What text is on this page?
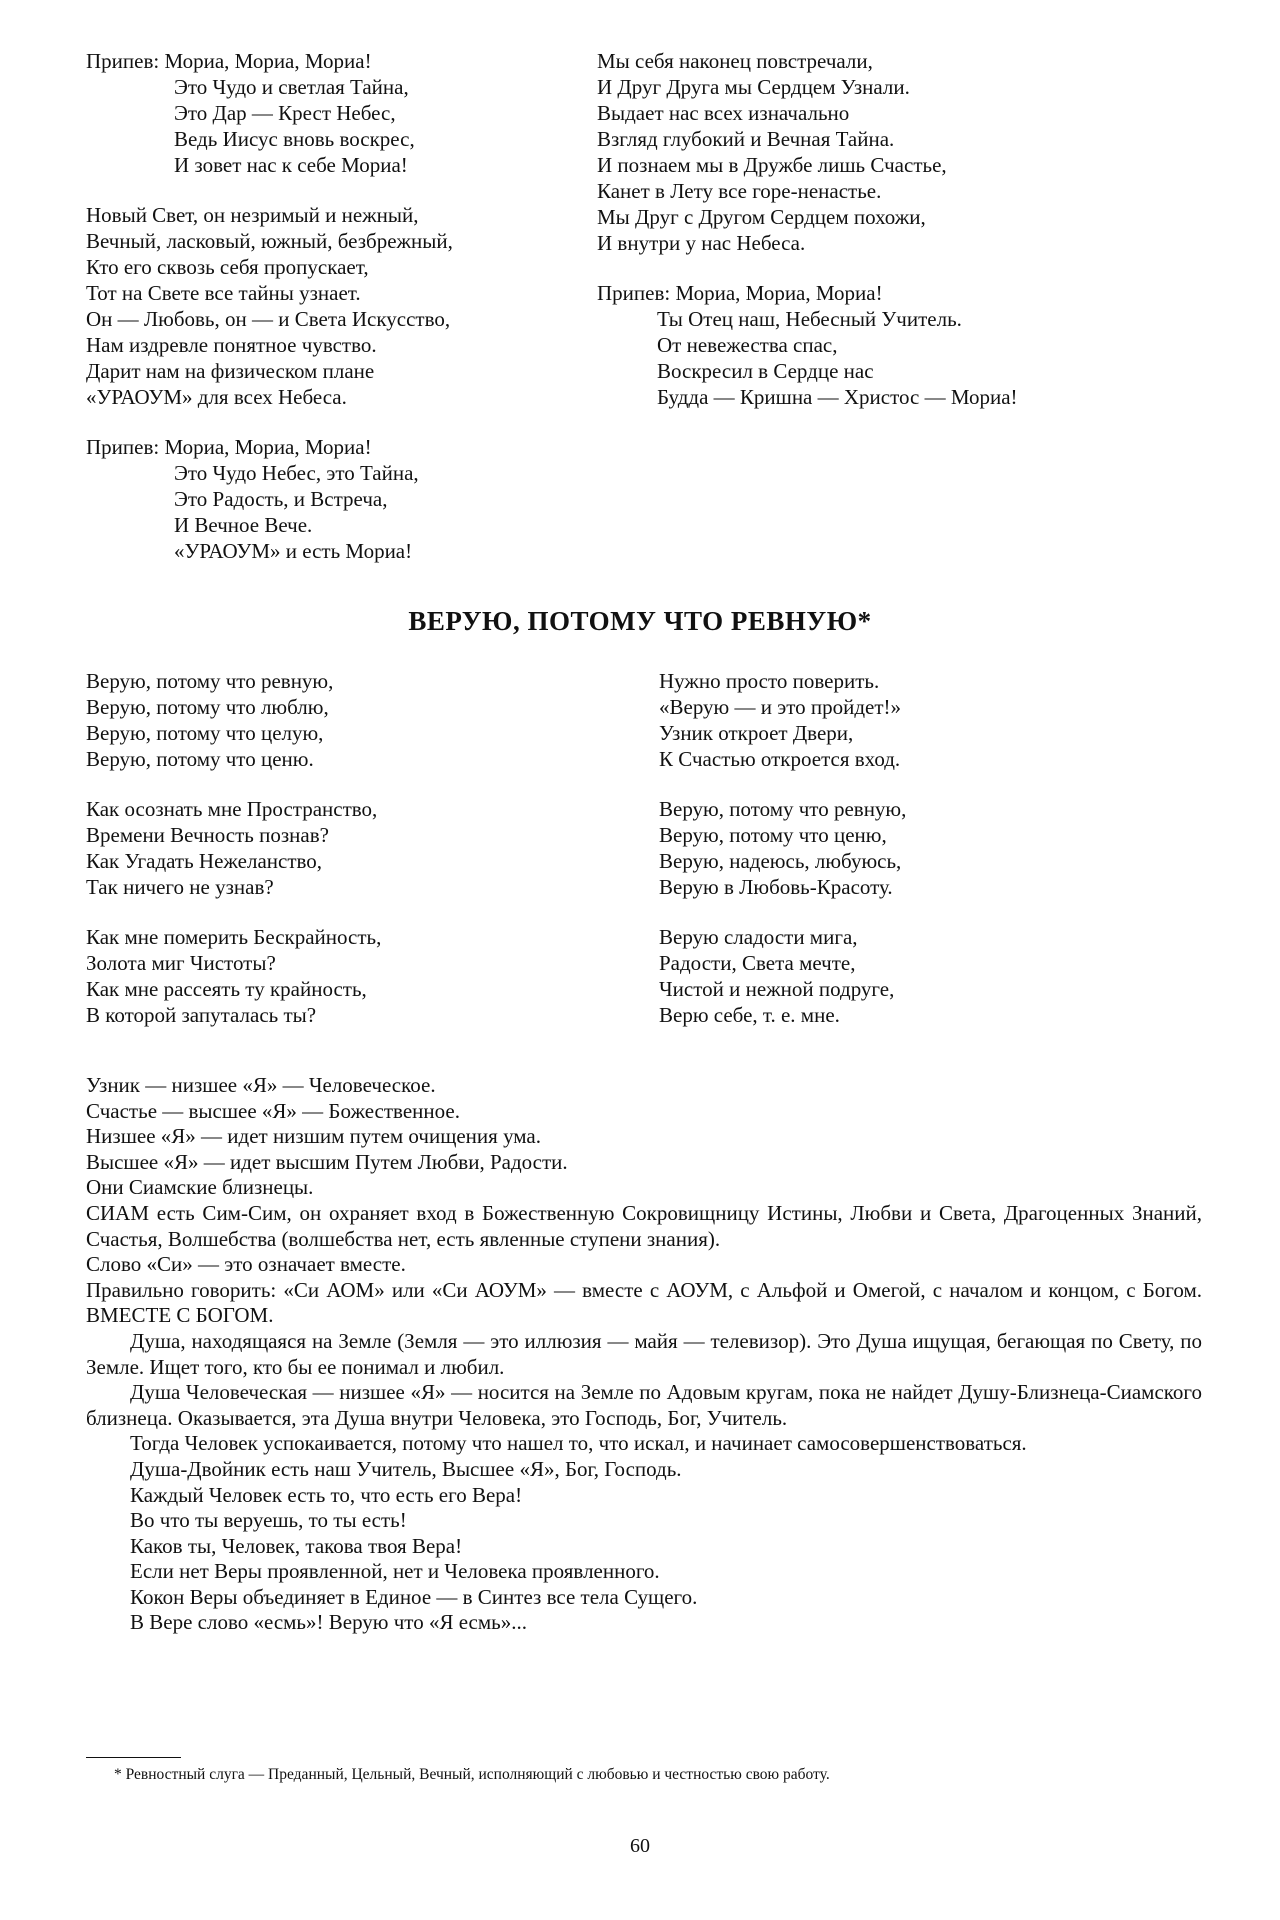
Припев: Мориа, Мориа, Мориа!
Это Чудо и светлая Тайна,
Это Дар — Крест Небес,
Ведь Иисус вновь воскрес,
И зовет нас к себе Мориа!
Новый Свет, он незримый и нежный,
Вечный, ласковый, южный, безбрежный,
Кто его сквозь себя пропускает,
Тот на Свете все тайны узнает.
Он — Любовь, он — и Света Искусство,
Нам издревле понятное чувство.
Дарит нам на физическом плане
«УРАОУМ» для всех Небеса.
Припев: Мориа, Мориа, Мориа!
Это Чудо Небес, это Тайна,
Это Радость, и Встреча,
И Вечное Вече.
«УРАОУМ» и есть Мориа!
Мы себя наконец повстречали,
И Друг Друга мы Сердцем Узнали.
Выдает нас всех изначально
Взгляд глубокий и Вечная Тайна.
И познаем мы в Дружбе лишь Счастье,
Канет в Лету все горе-ненастье.
Мы Друг с Другом Сердцем похожи,
И внутри у нас Небеса.
Припев: Мориа, Мориа, Мориа!
Ты Отец наш, Небесный Учитель.
От невежества спас,
Воскресил в Сердце нас
Будда — Кришна — Христос — Мориа!
ВЕРУЮ, ПОТОМУ ЧТО РЕВНУЮ*
Верую, потому что ревную,
Верую, потому что люблю,
Верую, потому что целую,
Верую, потому что ценю.
Как осознать мне Пространство,
Времени Вечность познав?
Как Угадать Нежеланство,
Так ничего не узнав?
Как мне померить Бескрайность,
Золота миг Чистоты?
Как мне рассеять ту крайность,
В которой запуталась ты?
Нужно просто поверить.
«Верую — и это пройдет!»
Узник откроет Двери,
К Счастью откроется вход.
Верую, потому что ревную,
Верую, потому что ценю,
Верую, надеюсь, любуюсь,
Верую в Любовь-Красоту.
Верую сладости мига,
Радости, Света мечте,
Чистой и нежной подруге,
Верю себе, т. е. мне.
Узник — низшее «Я» — Человеческое.
Счастье — высшее «Я» — Божественное.
Низшее «Я» — идет низшим путем очищения ума.
Высшее «Я» — идет высшим Путем Любви, Радости.
Они Сиамские близнецы.
СИАМ есть Сим-Сим, он охраняет вход в Божественную Сокровищницу Истины, Любви и Света, Драгоценных Знаний, Счастья, Волшебства (волшебства нет, есть явленные ступени знания).
Слово «Си» — это означает вместе.
Правильно говорить: «Си АОМ» или «Си АОУМ» — вместе с АОУМ, с Альфой и Омегой, с началом и концом, с Богом. ВМЕСТЕ С БОГОМ.
Душа, находящаяся на Земле (Земля — это иллюзия — майя — телевизор). Это Душа ищущая, бегающая по Свету, по Земле. Ищет того, кто бы ее понимал и любил.
Душа Человеческая — низшее «Я» — носится на Земле по Адовым кругам, пока не найдет Душу-Близнеца-Сиамского близнеца. Оказывается, эта Душа внутри Человека, это Господь, Бог, Учитель.
Тогда Человек успокаивается, потому что нашел то, что искал, и начинает самосовершенствоваться.
Душа-Двойник есть наш Учитель, Высшее «Я», Бог, Господь.
Каждый Человек есть то, что есть его Вера!
Во что ты веруешь, то ты есть!
Каков ты, Человек, такова твоя Вера!
Если нет Веры проявленной, нет и Человека проявленного.
Кокон Веры объединяет в Единое — в Синтез все тела Сущего.
В Вере слово «есмь»! Верую что «Я есмь»...
* Ревностный слуга — Преданный, Цельный, Вечный, исполняющий с любовью и честностью свою работу.
60
